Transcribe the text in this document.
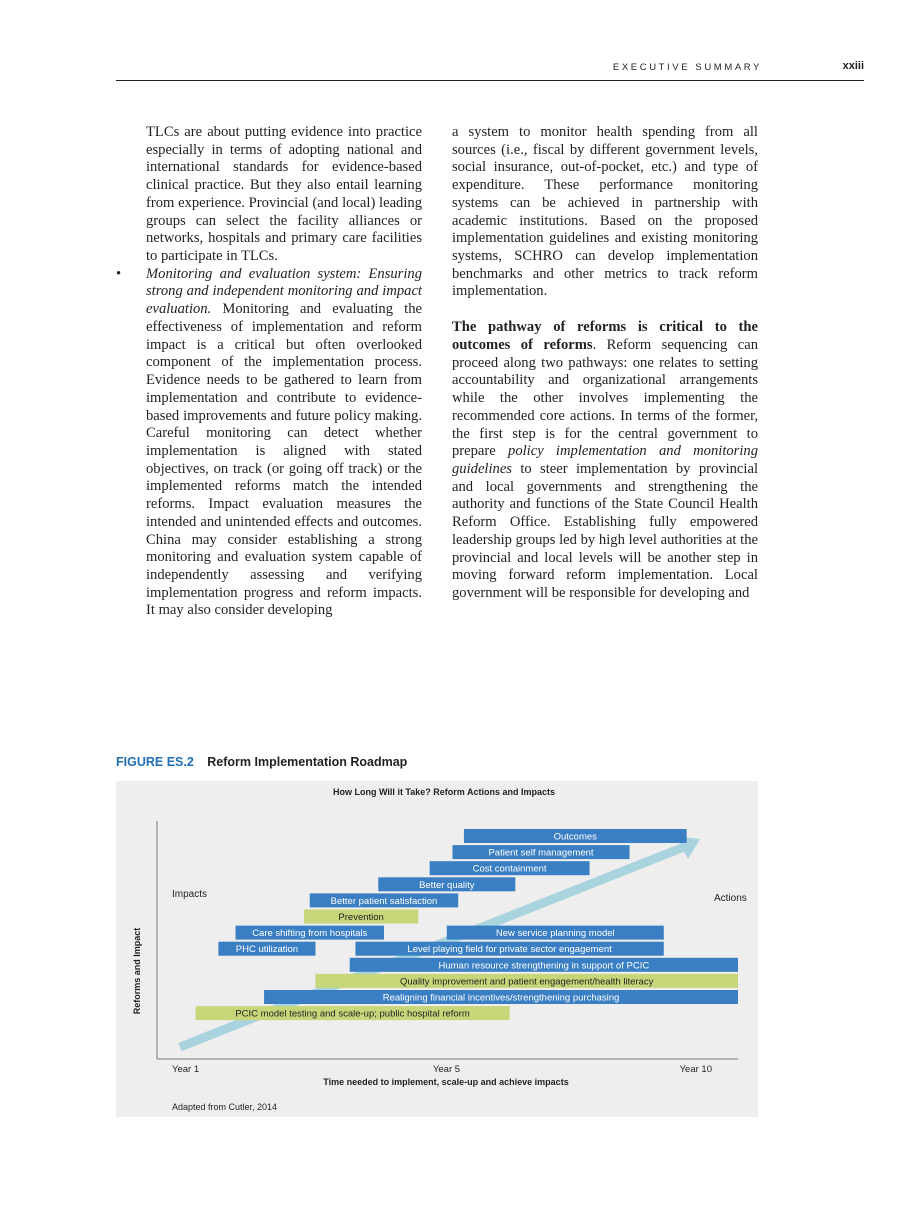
EXECUTIVE SUMMARY	xxiii

TLCs are about putting evidence into practice especially in terms of adopting national and international standards for evidence-based clinical practice. But they also entail learning from experience. Provincial (and local) leading groups can select the facility alliances or networks, hospitals and primary care facilities to participate in TLCs.

• Monitoring and evaluation system: Ensuring strong and independent monitoring and impact evaluation. Monitoring and evaluating the effectiveness of implementation and reform impact is a critical but often overlooked component of the implementation process. Evidence needs to be gathered to learn from implementation and contribute to evidence-based improvements and future policy making. Careful monitoring can detect whether implementation is aligned with stated objectives, on track (or going off track) or the implemented reforms match the intended reforms. Impact evaluation measures the intended and unintended effects and outcomes. China may consider establishing a strong monitoring and evaluation system capable of independently assessing and verifying implementation progress and reform impacts. It may also consider developing

a system to monitor health spending from all sources (i.e., fiscal by different government levels, social insurance, out-of-pocket, etc.) and type of expenditure. These performance monitoring systems can be achieved in partnership with academic institutions. Based on the proposed implementation guidelines and existing monitoring systems, SCHRO can develop implementation benchmarks and other metrics to track reform implementation.

The pathway of reforms is critical to the outcomes of reforms. Reform sequencing can proceed along two pathways: one relates to setting accountability and organizational arrangements while the other involves implementing the recommended core actions. In terms of the former, the first step is for the central government to prepare policy implementation and monitoring guidelines to steer implementation by provincial and local governments and strengthening the authority and functions of the State Council Health Reform Office. Establishing fully empowered leadership groups led by high level authorities at the provincial and local levels will be another step in moving forward reform implementation. Local government will be responsible for developing and

FIGURE ES.2 Reform Implementation Roadmap
How Long Will it Take? Reform Actions and Impacts
Reforms and Impact
Impacts	Actions
Outcomes
Patient self management
Cost containment
Better quality
Better patient satisfaction
Prevention
Care shifting from hospitals	New service planning model
PHC utilization	Level playing field for private sector engagement
Human resource strengthening in support of PCIC
Quality improvement and patient engagement/health literacy
Realigning financial incentives/strengthening purchasing
PCIC model testing and scale-up; public hospital reform
Year 1	Year 5	Year 10
Time needed to implement, scale-up and achieve impacts
Adapted from Cutler, 2014
